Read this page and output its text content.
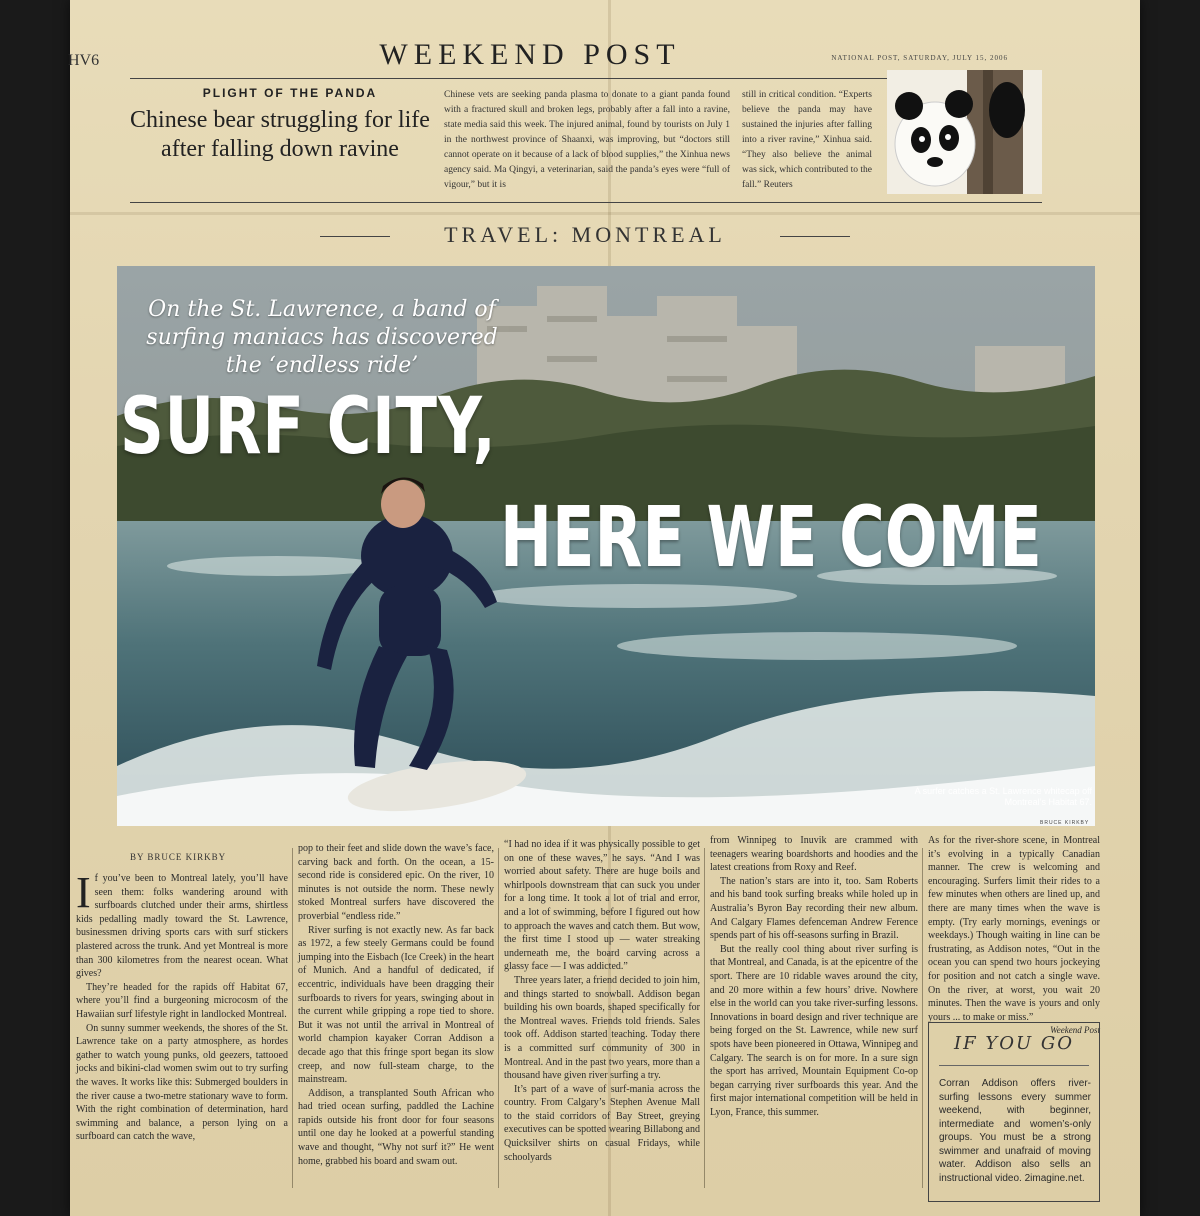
HV6	WEEKEND POST	NATIONAL POST, SATURDAY, JULY 15, 2006
PLIGHT OF THE PANDA
Chinese bear struggling for life after falling down ravine
Chinese vets are seeking panda plasma to donate to a giant panda found with a fractured skull and broken legs, probably after a fall into a ravine, state media said this week. The injured animal, found by tourists on July 1 in the northwest province of Shaanxi, was improving, but “doctors still cannot operate on it because of a lack of blood supplies,” the Xinhua news agency said. Ma Qingyi, a veterinarian, said the panda’s eyes were “full of vigour,” but it is
still in critical condition. “Experts believe the panda may have sustained the injuries after falling into a river ravine,” Xinhua said. “They also believe the animal was sick, which contributed to the fall.” Reuters
TRAVEL: MONTREAL
On the St. Lawrence, a band of surfing maniacs has discovered the ‘endless ride’
SURF CITY,
HERE WE COME
A surfer catches a St. Lawrence whitecap off Montreal’s Habitat 67.
BRUCE KIRKBY
BY BRUCE KIRKBY

If you’ve been to Montreal lately, you’ll have seen them: folks wandering around with surfboards clutched under their arms, shirtless kids pedalling madly toward the St. Lawrence, businessmen driving sports cars with surf stickers plastered across the trunk. And yet Montreal is more than 300 kilometres from the nearest ocean. What gives?

They’re headed for the rapids off Habitat 67, where you’ll find a burgeoning microcosm of the Hawaiian surf lifestyle right in landlocked Montreal.

On sunny summer weekends, the shores of the St. Lawrence take on a party atmosphere, as hordes gather to watch young punks, old geezers, tattooed jocks and bikini-clad women swim out to try surfing the waves. It works like this: Submerged boulders in the river cause a two-metre stationary wave to form. With the right combination of determination, hard swimming and balance, a person lying on a surfboard can catch the wave,

pop to their feet and slide down the wave’s face, carving back and forth. On the ocean, a 15-second ride is considered epic. On the river, 10 minutes is not outside the norm. These newly stoked Montreal surfers have discovered the proverbial “endless ride.”

River surfing is not exactly new. As far back as 1972, a few steely Germans could be found jumping into the Eisbach (Ice Creek) in the heart of Munich. And a handful of dedicated, if eccentric, individuals have been dragging their surfboards to rivers for years, swinging about in the current while gripping a rope tied to shore. But it was not until the arrival in Montreal of world champion kayaker Corran Addison a decade ago that this fringe sport began its slow creep, and now full-steam charge, to the mainstream.

Addison, a transplanted South African who had tried ocean surfing, paddled the Lachine rapids outside his front door for four seasons until one day he looked at a powerful standing wave and thought, “Why not surf it?” He went home, grabbed his board and swam out.

“I had no idea if it was physically possible to get on one of these waves,” he says. “And I was worried about safety. There are huge boils and whirlpools downstream that can suck you under for a long time. It took a lot of trial and error, and a lot of swimming, before I figured out how to approach the waves and catch them. But wow, the first time I stood up — water streaking underneath me, the board carving across a glassy face — I was addicted.”

Three years later, a friend decided to join him, and things started to snowball. Addison began building his own boards, shaped specifically for the Montreal waves. Friends told friends. Sales took off. Addison started teaching. Today there is a committed surf community of 300 in Montreal. And in the past two years, more than a thousand have given river surfing a try.

It’s part of a wave of surf-mania across the country. From Calgary’s Stephen Avenue Mall to the staid corridors of Bay Street, greying executives can be spotted wearing Billabong and Quicksilver shirts on casual Fridays, while schoolyards

from Winnipeg to Inuvik are crammed with teenagers wearing boardshorts and hoodies and the latest creations from Roxy and Reef.

The nation’s stars are into it, too. Sam Roberts and his band took surfing breaks while holed up in Australia’s Byron Bay recording their new album. And Calgary Flames defenceman Andrew Ference spends part of his off-seasons surfing in Brazil.

But the really cool thing about river surfing is that Montreal, and Canada, is at the epicentre of the sport. There are 10 ridable waves around the city, and 20 more within a few hours’ drive. Nowhere else in the world can you take river-surfing lessons. Innovations in board design and river technique are being forged on the St. Lawrence, while new surf spots have been pioneered in Ottawa, Winnipeg and Calgary. The search is on for more. In a sure sign the sport has arrived, Mountain Equipment Co-op began carrying river surfboards this year. And the first major international competition will be held in Lyon, France, this summer.

As for the river-shore scene, in Montreal it’s evolving in a typically Canadian manner. The crew is welcoming and encouraging. Surfers limit their rides to a few minutes when others are lined up, and there are many times when the wave is empty. (Try early mornings, evenings or weekdays.) Though waiting in line can be frustrating, as Addison notes, “Out in the ocean you can spend two hours jockeying for position and not catch a single wave. On the river, at worst, you wait 20 minutes. Then the wave is yours and only yours ... to make or miss.”

Weekend Post

IF YOU GO
Corran Addison offers river-surfing lessons every summer weekend, with beginner, intermediate and women’s-only groups. You must be a strong swimmer and unafraid of moving water. Addison also sells an instructional video. 2imagine.net.
